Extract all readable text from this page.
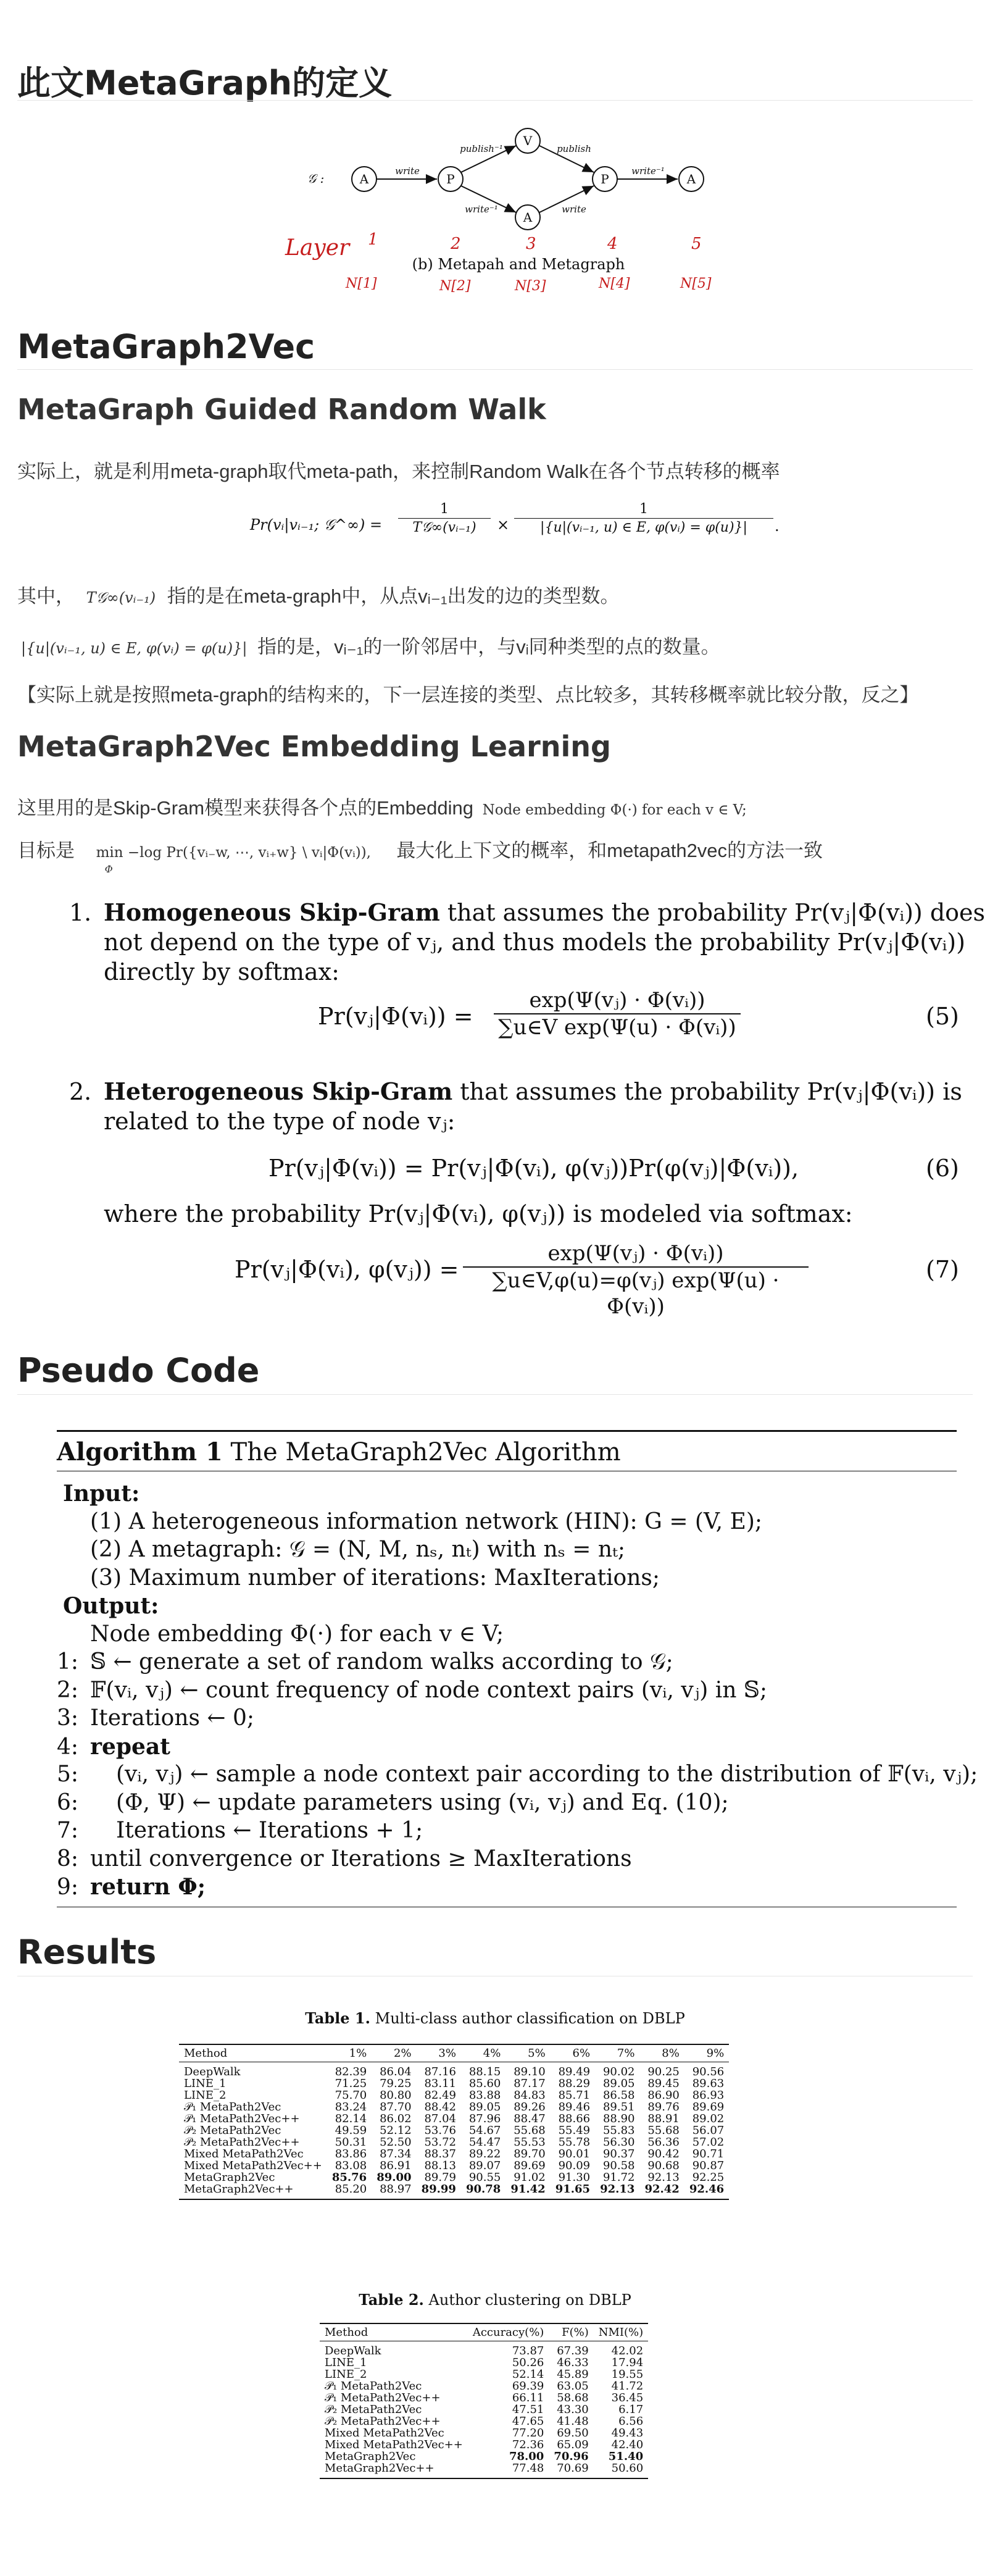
此文MetaGraph的定义
𝒢 :	A	P
V
A
P	A
write
publish⁻¹	publish
write⁻¹	write
write⁻¹
(b) Metapah and Metagraph
Layer 1	2	3	4	5
N[1]	N[2]	N[3]	N[4]	N[5]
MetaGraph2Vec
MetaGraph Guided Random Walk

实际上，就是利用meta-graph取代meta-path，来控制Random Walk在各个节点转移的概率

Pr(vᵢ|vᵢ₋₁; 𝒢^∞) =
1
T𝒢∞(vᵢ₋₁)	× $\frac{1}{\text{|\{u|(vᵢ₋₁, u) ∈ E, φ(vᵢ) = φ(u)\}|}}$ .

其中， T𝒢∞(vᵢ₋₁) 指的是在meta-graph中，从点vᵢ₋₁出发的边的类型数。

|{u|(vᵢ₋₁, u) ∈ E, φ(vᵢ) = φ(u)}| 指的是，vᵢ₋₁的一阶邻居中，与vᵢ同种类型的点的数量。

【实际上就是按照meta-graph的结构来的，下一层连接的类型、点比较多，其转移概率就比较分散，反之】

MetaGraph2Vec Embedding Learning

这里用的是Skip-Gram模型来获得各个点的Embedding Node embedding Φ(·) for each v ∈ V;

目标是 min −log Pr({vᵢ₋w, ⋯, vᵢ₊w} \ vᵢ|Φ(vᵢ)),
Φ
最大化上下文的概率，和metapath2vec的方法一致
1. Homogeneous Skip-Gram that assumes the probability Pr(vⱼ|Φ(vᵢ)) does
not depend on the type of vⱼ, and thus models the probability Pr(vⱼ|Φ(vᵢ))
directly by softmax:
Pr(vⱼ|Φ(vᵢ)) = $\frac{\text{exp(Ψ(vⱼ) · Φ(vᵢ))}}{\text{∑u∈V exp(Ψ(u) · Φ(vᵢ))}}$	(5)
2. Heterogeneous Skip-Gram that assumes the probability Pr(vⱼ|Φ(vᵢ)) is
related to the type of node vⱼ:
Pr(vⱼ|Φ(vᵢ)) = Pr(vⱼ|Φ(vᵢ), φ(vⱼ))Pr(φ(vⱼ)|Φ(vᵢ)),	(6)
where the probability Pr(vⱼ|Φ(vᵢ), φ(vⱼ)) is modeled via softmax:
Pr(vⱼ|Φ(vᵢ), φ(vⱼ)) = $\frac{\text{exp(Ψ(vⱼ) · Φ(vᵢ))}}{\text{∑u∈V,φ(u)=φ(vⱼ) exp(Ψ(u) · Φ(vᵢ))}}$	(7)
Pseudo Code
Algorithm 1 The MetaGraph2Vec Algorithm
Input:
(1) A heterogeneous information network (HIN): G = (V, E);
(2) A metagraph: 𝒢 = (N, M, nₛ, nₜ) with nₛ = nₜ;
(3) Maximum number of iterations: MaxIterations;
Output:
Node embedding Φ(·) for each v ∈ V;
1: 𝕊 ← generate a set of random walks according to 𝒢;
2: 𝔽(vᵢ, vⱼ) ← count frequency of node context pairs (vᵢ, vⱼ) in 𝕊;
3: Iterations ← 0;
4: repeat
5: (vᵢ, vⱼ) ← sample a node context pair according to the distribution of 𝔽(vᵢ, vⱼ);
6: (Φ, Ψ) ← update parameters using (vᵢ, vⱼ) and Eq. (10);
7: Iterations ← Iterations + 1;
8: until convergence or Iterations ≥ MaxIterations
9: return Φ;
Results
Table 1. Multi-class author classification on DBLP
Method	1%	2%	3%	4%	5%	6%	7%	8%	9%
DeepWalk	82.39	86.04	87.16	88.15	89.10	89.49	90.02	90.25	90.56
LINE_1	71.25	79.25	83.11	85.60	87.17	88.29	89.05	89.45	89.63
LINE_2	75.70	80.80	82.49	83.88	84.83	85.71	86.58	86.90	86.93
𝒫₁ MetaPath2Vec	83.24	87.70	88.42	89.05	89.26	89.46	89.51	89.76	89.69
𝒫₁ MetaPath2Vec++	82.14	86.02	87.04	87.96	88.47	88.66	88.90	88.91	89.02
𝒫₂ MetaPath2Vec	49.59	52.12	53.76	54.67	55.68	55.49	55.83	55.68	56.07
𝒫₂ MetaPath2Vec++	50.31	52.50	53.72	54.47	55.53	55.78	56.30	56.36	57.02
Mixed MetaPath2Vec	83.86	87.34	88.37	89.22	89.70	90.01	90.37	90.42	90.71
Mixed MetaPath2Vec++	83.08	86.91	88.13	89.07	89.69	90.09	90.58	90.68	90.87
MetaGraph2Vec	85.76	89.00	89.79	90.55	91.02	91.30	91.72	92.13	92.25
MetaGraph2Vec++	85.20	88.97	89.99	90.78	91.42	91.65	92.13	92.42	92.46
Table 2. Author clustering on DBLP
Method	Accuracy(%)	F(%)	NMI(%)
DeepWalk	73.87	67.39	42.02
LINE_1	50.26	46.33	17.94
LINE_2	52.14	45.89	19.55
𝒫₁ MetaPath2Vec	69.39	63.05	41.72
𝒫₁ MetaPath2Vec++	66.11	58.68	36.45
𝒫₂ MetaPath2Vec	47.51	43.30	6.17
𝒫₂ MetaPath2Vec++	47.65	41.48	6.56
Mixed MetaPath2Vec	77.20	69.50	49.43
Mixed MetaPath2Vec++	72.36	65.09	42.40
MetaGraph2Vec	78.00	70.96	51.40
MetaGraph2Vec++	77.48	70.69	50.60
